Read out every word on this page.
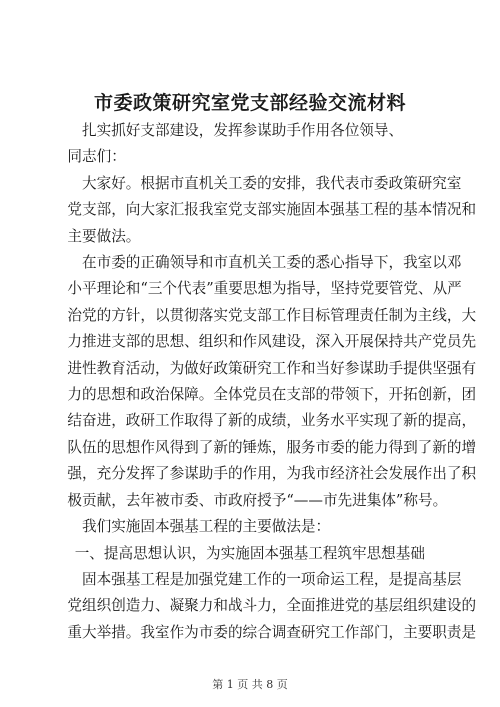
市委政策研究室党支部经验交流材料

扎实抓好支部建设，发挥参谋助手作用各位领导、

同志们：

大家好。根据市直机关工委的安排，我代表市委政策研究室

党支部，向大家汇报我室党支部实施固本强基工程的基本情况和

主要做法。

在市委的正确领导和市直机关工委的悉心指导下，我室以邓

小平理论和“三个代表”重要思想为指导，坚持党要管党、从严

治党的方针，以贯彻落实党支部工作目标管理责任制为主线，大

力推进支部的思想、组织和作风建设，深入开展保持共产党员先

进性教育活动，为做好政策研究工作和当好参谋助手提供坚强有

力的思想和政治保障。全体党员在支部的带领下，开拓创新，团

结奋进，政研工作取得了新的成绩，业务水平实现了新的提高，

队伍的思想作风得到了新的锤炼，服务市委的能力得到了新的增

强，充分发挥了参谋助手的作用，为我市经济社会发展作出了积

极贡献，去年被市委、市政府授予“——市先进集体”称号。

我们实施固本强基工程的主要做法是：

一、提高思想认识，为实施固本强基工程筑牢思想基础

固本强基工程是加强党建工作的一项命运工程，是提高基层

党组织创造力、凝聚力和战斗力，全面推进党的基层组织建设的

重大举措。我室作为市委的综合调查研究工作部门，主要职责是

第 1 页 共 8 页
